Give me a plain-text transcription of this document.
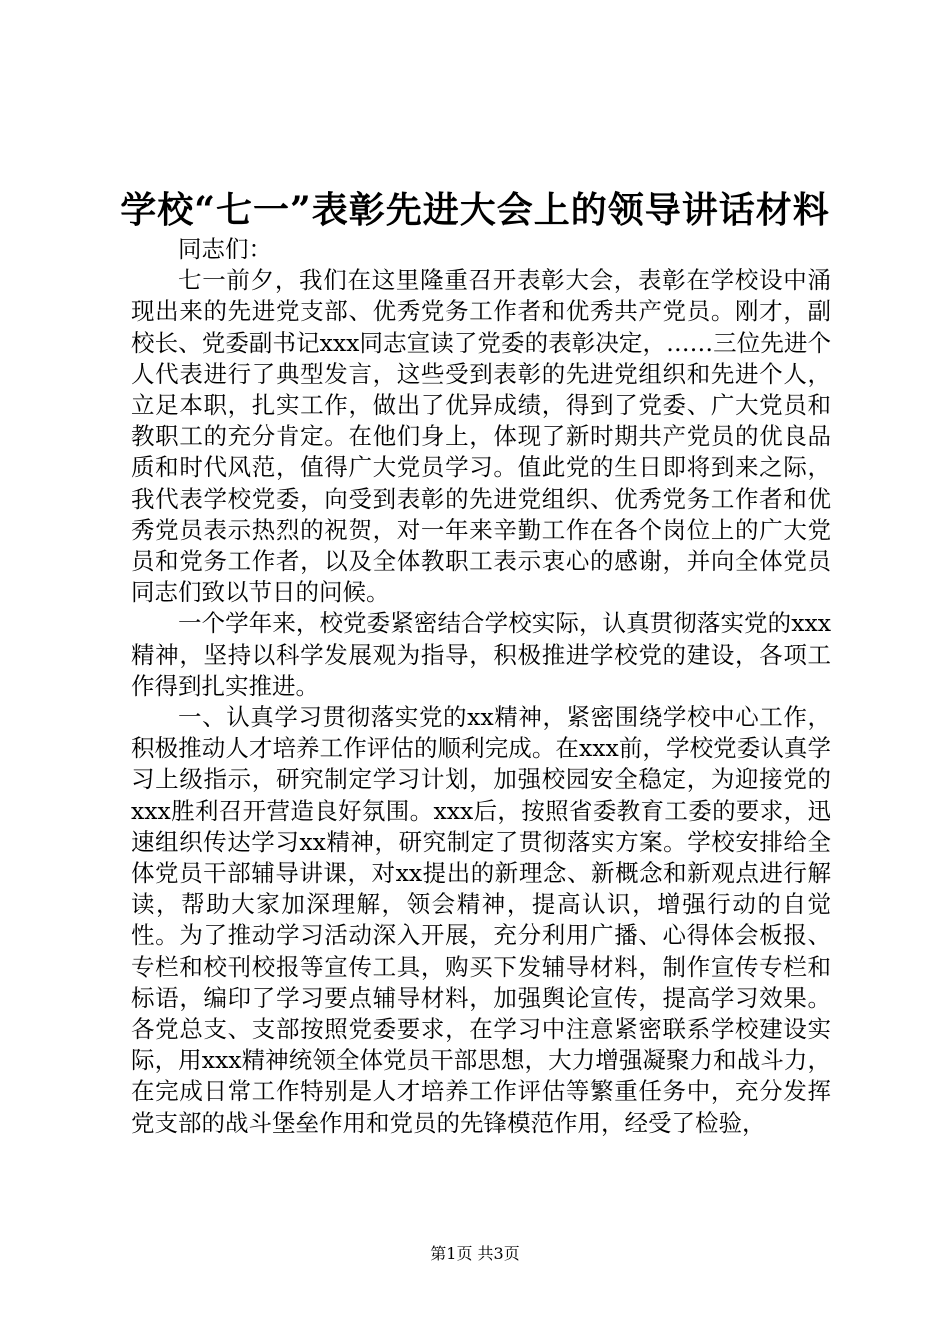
学校“七一”表彰先进大会上的领导讲话材料

同志们：

七一前夕，我们在这里隆重召开表彰大会，表彰在学校设中涌现出来的先进党支部、优秀党务工作者和优秀共产党员。刚才，副校长、党委副书记xxx同志宣读了党委的表彰决定，……三位先进个人代表进行了典型发言，这些受到表彰的先进党组织和先进个人，立足本职，扎实工作，做出了优异成绩，得到了党委、广大党员和教职工的充分肯定。在他们身上，体现了新时期共产党员的优良品质和时代风范，值得广大党员学习。值此党的生日即将到来之际，我代表学校党委，向受到表彰的先进党组织、优秀党务工作者和优秀党员表示热烈的祝贺，对一年来辛勤工作在各个岗位上的广大党员和党务工作者，以及全体教职工表示衷心的感谢，并向全体党员同志们致以节日的问候。

一个学年来，校党委紧密结合学校实际，认真贯彻落实党的xxx精神，坚持以科学发展观为指导，积极推进学校党的建设，各项工作得到扎实推进。

一、认真学习贯彻落实党的xx精神，紧密围绕学校中心工作，积极推动人才培养工作评估的顺利完成。在xxx前，学校党委认真学习上级指示，研究制定学习计划，加强校园安全稳定，为迎接党的xxx胜利召开营造良好氛围。xxx后，按照省委教育工委的要求，迅速组织传达学习xx精神，研究制定了贯彻落实方案。学校安排给全体党员干部辅导讲课，对xx提出的新理念、新概念和新观点进行解读，帮助大家加深理解，领会精神，提高认识，增强行动的自觉性。为了推动学习活动深入开展，充分利用广播、心得体会板报、专栏和校刊校报等宣传工具，购买下发辅导材料，制作宣传专栏和标语，编印了学习要点辅导材料，加强舆论宣传，提高学习效果。各党总支、支部按照党委要求，在学习中注意紧密联系学校建设实际，用xxx精神统领全体党员干部思想，大力增强凝聚力和战斗力，在完成日常工作特别是人才培养工作评估等繁重任务中，充分发挥党支部的战斗堡垒作用和党员的先锋模范作用，经受了检验，

第1页 共3页
